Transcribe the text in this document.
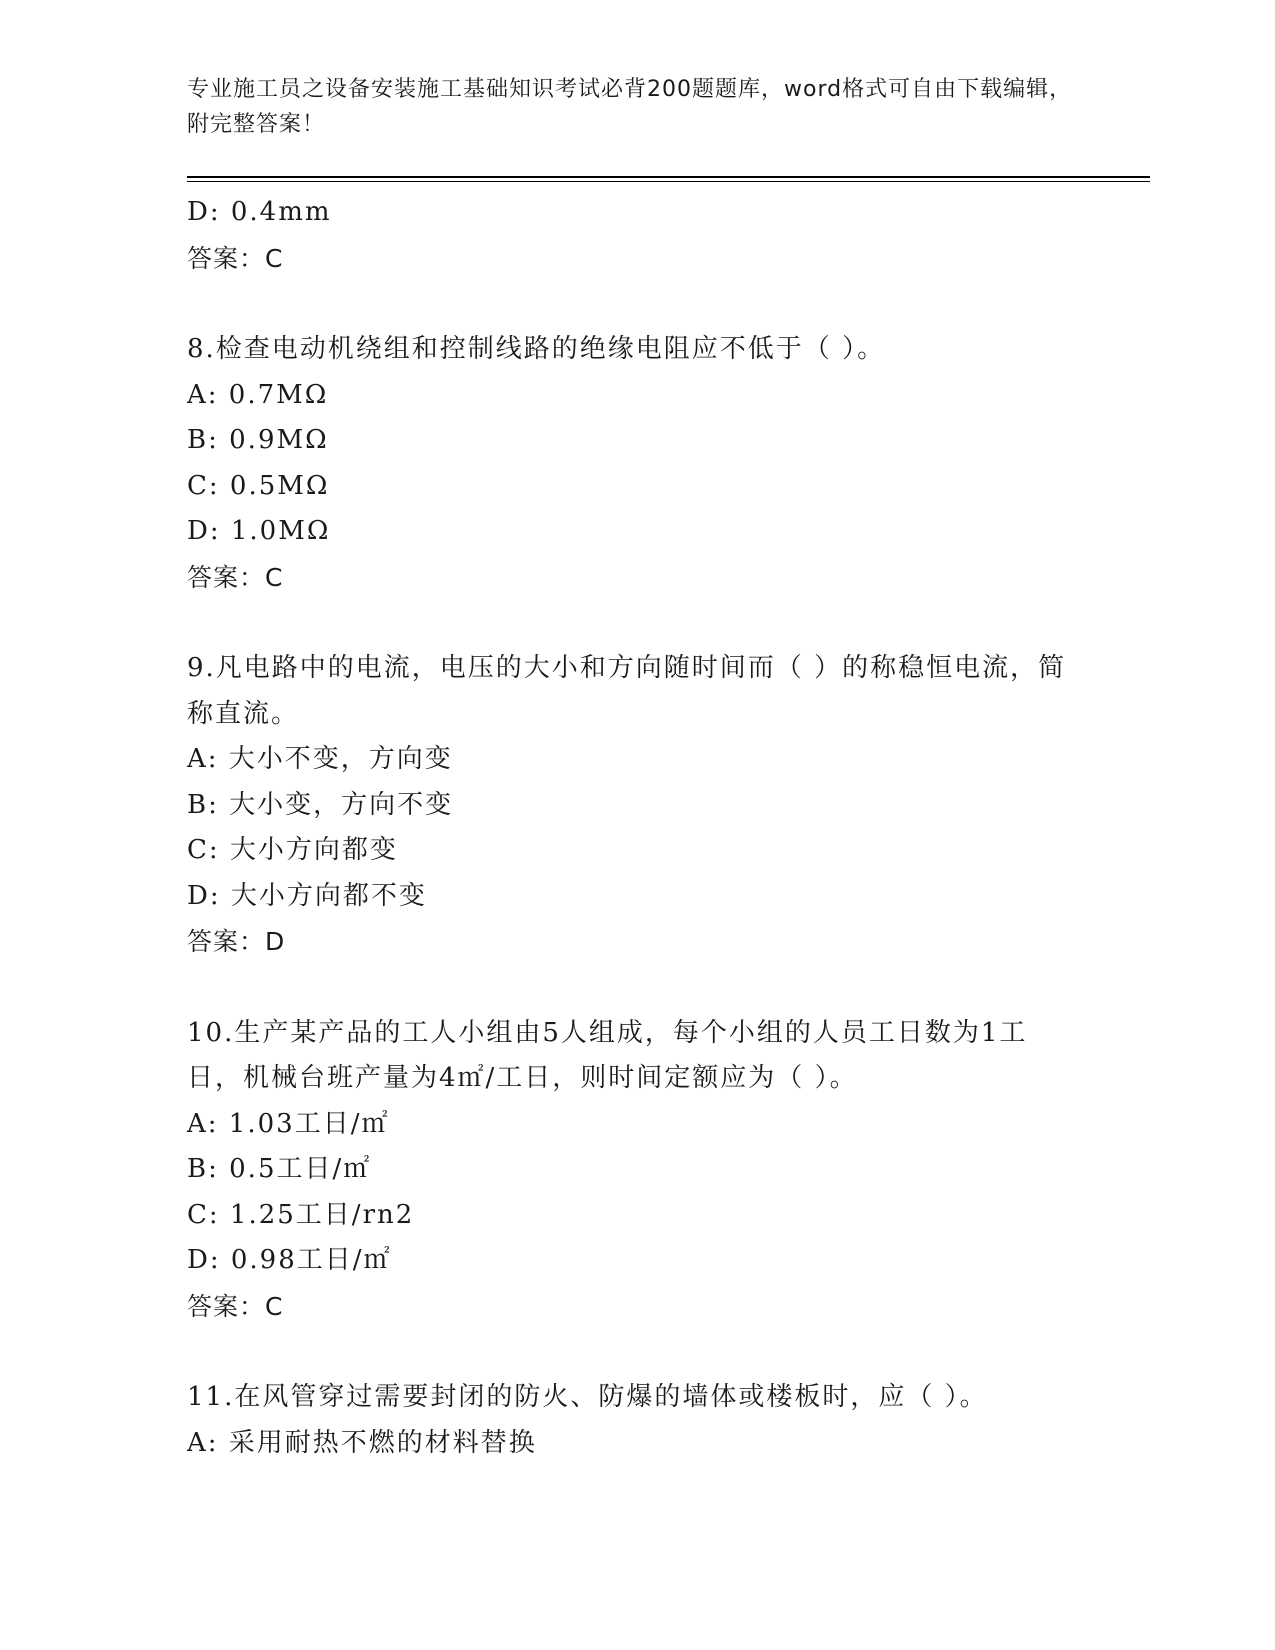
专业施工员之设备安装施工基础知识考试必背200题题库，word格式可自由下载编辑，附完整答案！
D: 0.4mm
答案：C
8.检查电动机绕组和控制线路的绝缘电阻应不低于（ ）。
A: 0.7MΩ
B: 0.9MΩ
C: 0.5MΩ
D: 1.0MΩ
答案：C
9.凡电路中的电流，电压的大小和方向随时间而（ ）的称稳恒电流，简称直流。
A: 大小不变，方向变
B: 大小变，方向不变
C: 大小方向都变
D: 大小方向都不变
答案：D
10.生产某产品的工人小组由5人组成，每个小组的人员工日数为1工日，机械台班产量为4㎡/工日，则时间定额应为（ ）。
A: 1.03工日/㎡
B: 0.5工日/㎡
C: 1.25工日/rn2
D: 0.98工日/㎡
答案：C
11.在风管穿过需要封闭的防火、防爆的墙体或楼板时，应（ ）。
A: 采用耐热不燃的材料替换
